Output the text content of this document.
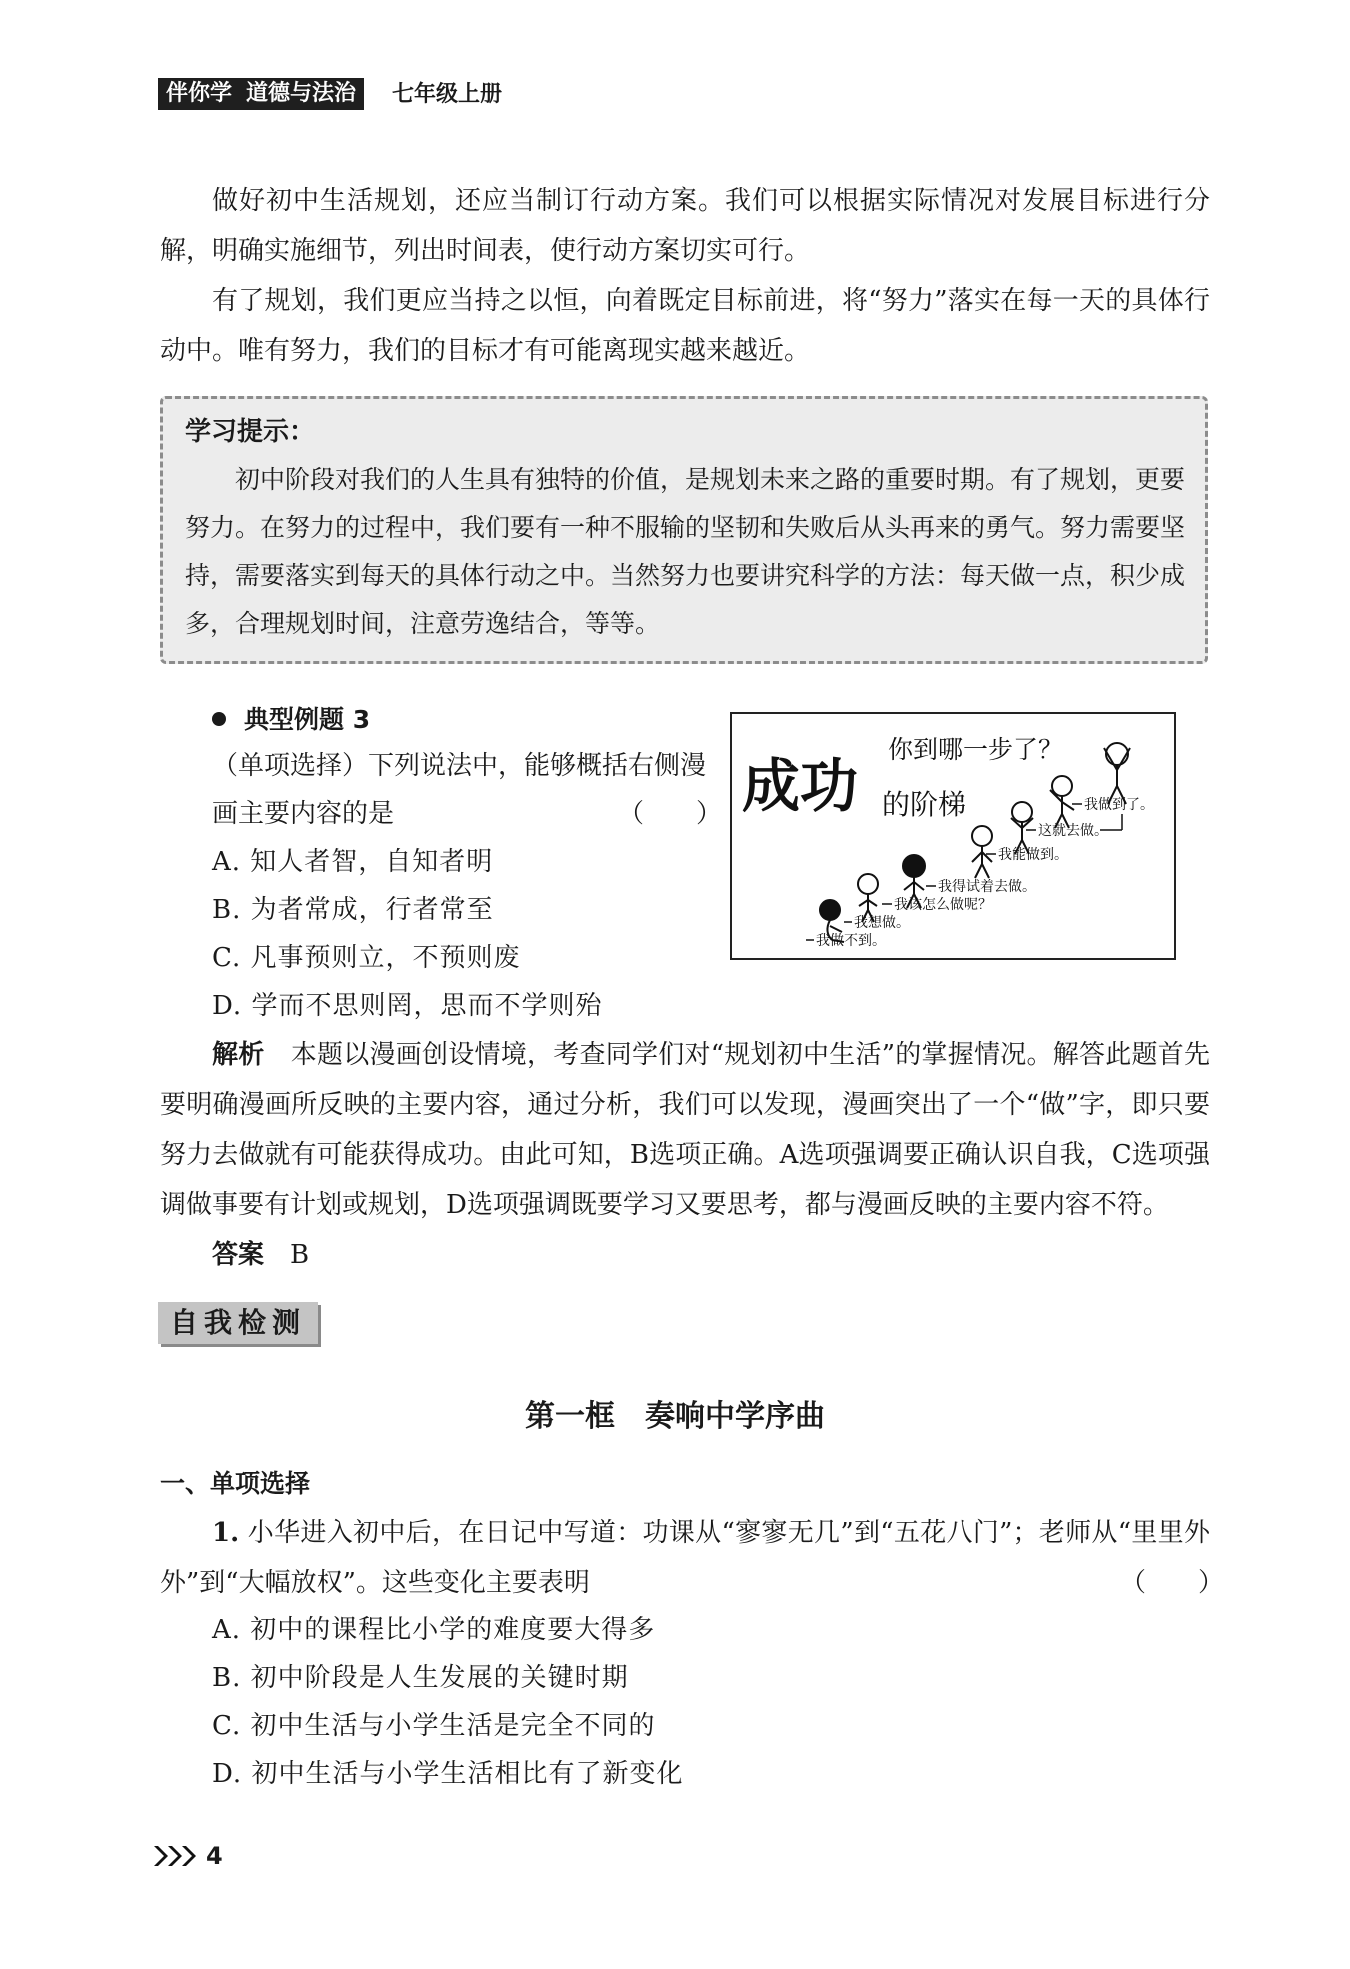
伴你学 道德与法治	七年级上册
做好初中生活规划，还应当制订行动方案。我们可以根据实际情况对发展目标进行分解，明确实施细节，列出时间表，使行动方案切实可行。
有了规划，我们更应当持之以恒，向着既定目标前进，将“努力”落实在每一天的具体行动中。唯有努力，我们的目标才有可能离现实越来越近。
学习提示：
初中阶段对我们的人生具有独特的价值，是规划未来之路的重要时期。有了规划，更要努力。在努力的过程中，我们要有一种不服输的坚韧和失败后从头再来的勇气。努力需要坚持，需要落实到每天的具体行动之中。当然努力也要讲究科学的方法：每天做一点，积少成多，合理规划时间，注意劳逸结合，等等。
典型例题 3
（单项选择）下列说法中，能够概括右侧漫画主要内容的是	（　　）
A. 知人者智，自知者明
B. 为者常成，行者常至
C. 凡事预则立，不预则废
D. 学而不思则罔，思而不学则殆
成功 的阶梯
你到哪一步了？
我做到了。
这就去做。
我能做到。
我得试着去做。
我该怎么做呢？
我想做。
我做不到。
解析　 本题以漫画创设情境，考查同学们对“规划初中生活”的掌握情况。解答此题首先要明确漫画所反映的主要内容，通过分析，我们可以发现，漫画突出了一个“做”字，即只要努力去做就有可能获得成功。由此可知，B选项正确。A选项强调要正确认识自我，C选项强调做事要有计划或规划，D选项强调既要学习又要思考，都与漫画反映的主要内容不符。
答案　 B
自我检测
第一框　奏响中学序曲
一、单项选择
1. 小华进入初中后，在日记中写道：功课从“寥寥无几”到“五花八门”；老师从“里里外外”到“大幅放权”。这些变化主要表明	（　　）
A. 初中的课程比小学的难度要大得多
B. 初中阶段是人生发展的关键时期
C. 初中生活与小学生活是完全不同的
D. 初中生活与小学生活相比有了新变化
4
